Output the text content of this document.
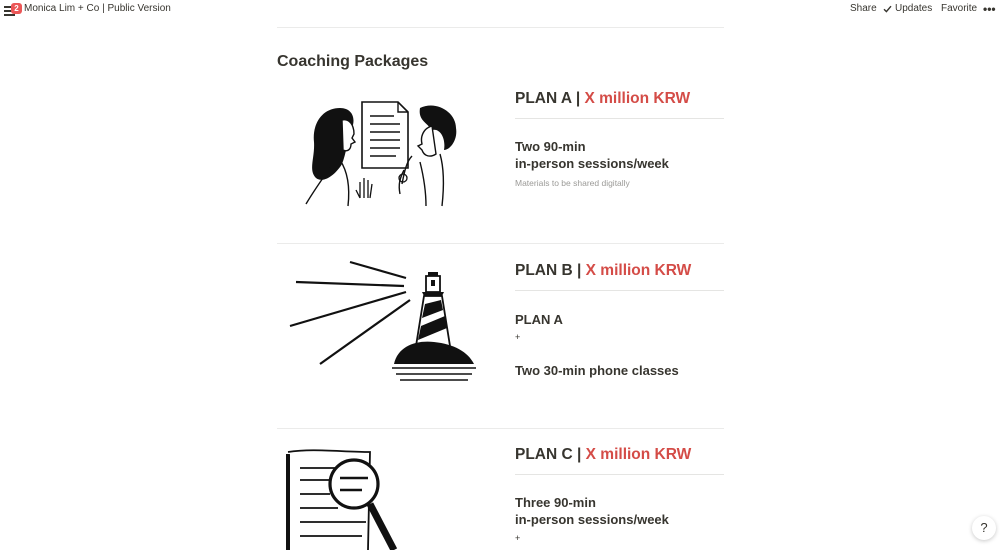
2 Monica Lim + Co | Public Version	Share Updates Favorite •••
Coaching Packages
PLAN A | X million KRW
Two 90-min
in-person sessions/week
Materials to be shared digitally
PLAN B | X million KRW
PLAN A
+
Two 30-min phone classes
PLAN C | X million KRW
Three 90-min
in-person sessions/week
+
?
